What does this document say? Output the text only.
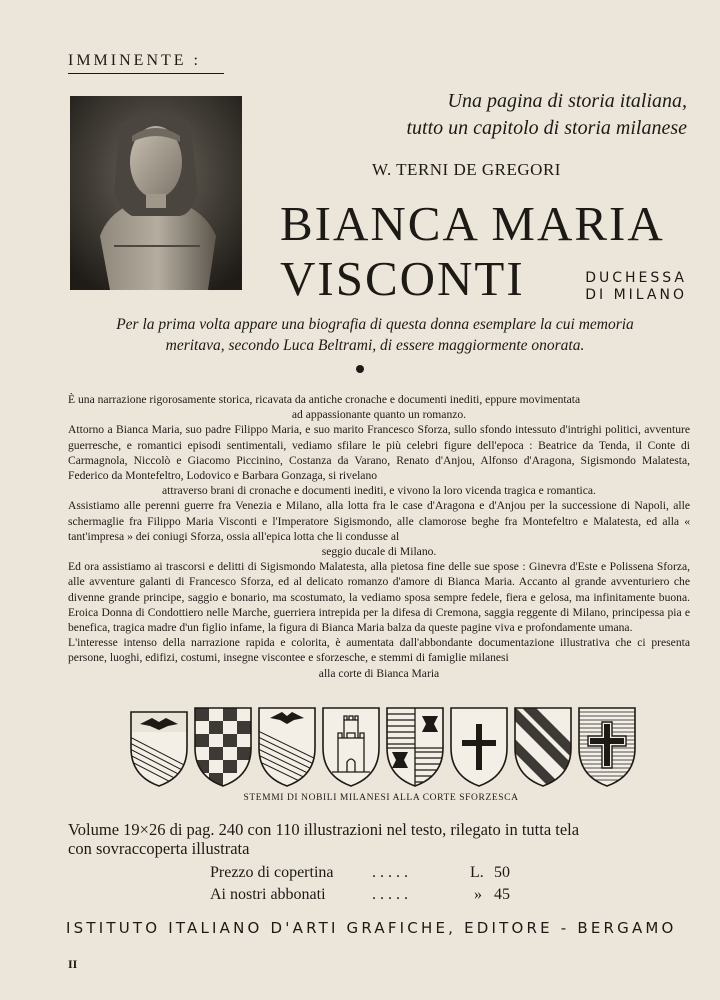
IMMINENTE :
Una pagina di storia italiana,
tutto un capitolo di storia milanese
W. TERNI DE GREGORI
BIANCA MARIA
VISCONTI	DUCHESSA
DI MILANO
Per la prima volta appare una biografia di questa donna esemplare la cui memoria
meritava, secondo Luca Beltrami, di essere maggiormente onorata.

È una narrazione rigorosamente storica, ricavata da antiche cronache e documenti inediti, eppure movimentata

ad appassionante quanto un romanzo.

Attorno a Bianca Maria, suo padre Filippo Maria, e suo marito Francesco Sforza, sullo sfondo intessuto d'intrighi politici, avventure guerresche, e romantici episodi sentimentali, vediamo sfilare le più celebri figure dell'epoca : Beatrice da Tenda, il Conte di Carmagnola, Niccolò e Giacomo Piccinino, Costanza da Varano, Renato d'Anjou, Alfonso d'Aragona, Sigismondo Malatesta, Federico da Montefeltro, Lodovico e Barbara Gonzaga, si rivelano

attraverso brani di cronache e documenti inediti, e vivono la loro vicenda tragica e romantica.

Assistiamo alle perenni guerre fra Venezia e Milano, alla lotta fra le case d'Aragona e d'Anjou per la successione di Napoli, alle schermaglie fra Filippo Maria Visconti e l'Imperatore Sigismondo, alle clamorose beghe fra Montefeltro e Malatesta, ed alla « tant'impresa » dei coniugi Sforza, ossia all'epica lotta che li condusse al

seggio ducale di Milano.

Ed ora assistiamo ai trascorsi e delitti di Sigismondo Malatesta, alla pietosa fine delle sue spose : Ginevra d'Este e Polissena Sforza, alle avventure galanti di Francesco Sforza, ed al delicato romanzo d'amore di Bianca Maria. Accanto al grande avventuriero che divenne grande principe, saggio e bonario, ma scostumato, la vediamo sposa sempre fedele, fiera e gelosa, ma infinitamente buona. Eroica Donna di Condottiero nelle Marche, guerriera intrepida per la difesa di Cremona, saggia reggente di Milano, principessa pia e benefica, tragica madre d'un figlio infame, la figura di Bianca Maria balza da queste pagine viva e profondamente umana.

L'interesse intenso della narrazione rapida e colorita, è aumentata dall'abbondante documentazione illustrativa che ci presenta persone, luoghi, edifizi, costumi, insegne viscontee e sforzesche, e stemmi di famiglie milanesi

alla corte di Bianca Maria

STEMMI DI NOBILI MILANESI ALLA CORTE SFORZESCA
Volume 19×26 di pag. 240 con 110 illustrazioni nel testo, rilegato in tutta tela
con sovraccoperta illustrata
Prezzo di copertina . . . . .	L. 50
Ai nostri abbonati	. . . . .	» 45
ISTITUTO ITALIANO D'ARTI GRAFICHE, EDITORE - BERGAMO
II
